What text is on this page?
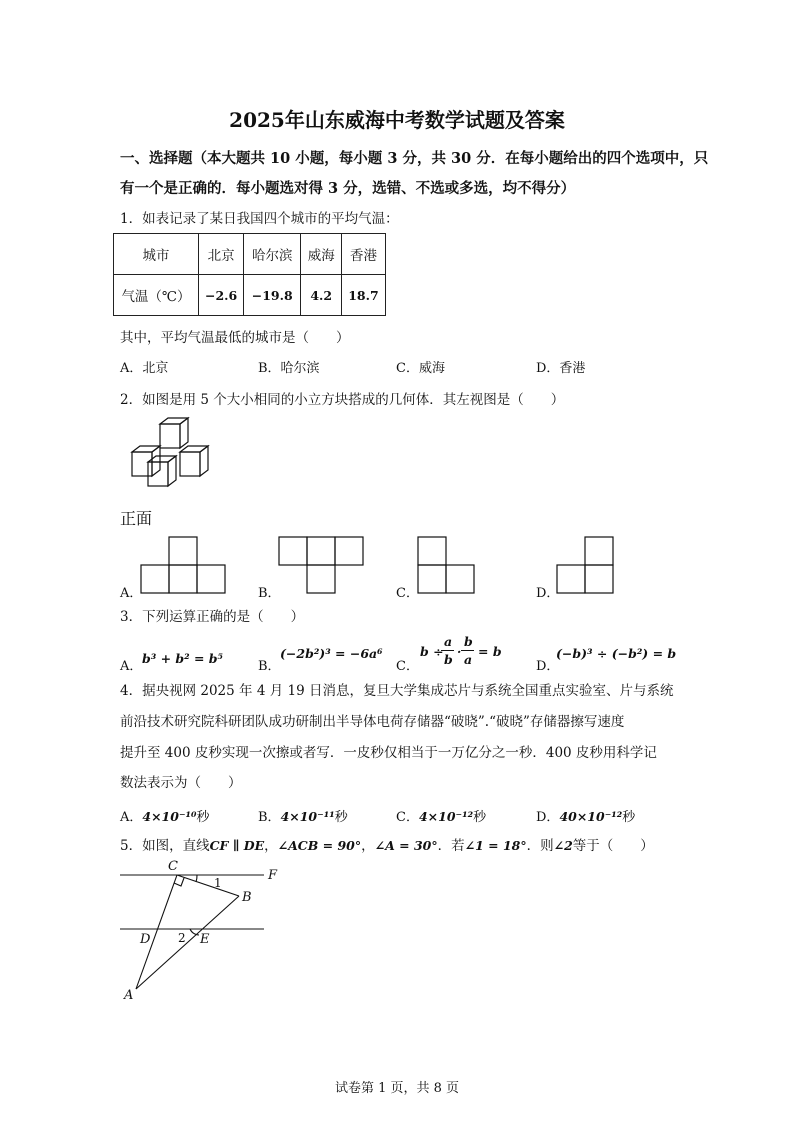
2025年山东威海中考数学试题及答案
一、选择题（本大题共 10 小题，每小题 3 分，共 30 分．在每小题给出的四个选项中，只
有一个是正确的．每小题选对得 3 分，选错、不选或多选，均不得分）
1．如表记录了某日我国四个城市的平均气温：
城市	北京	哈尔滨	威海	香港
气温（℃）	−2.6	−19.8	4.2	18.7
其中，平均气温最低的城市是（　　）
A．北京	B．哈尔滨	C．威海	D．香港
2．如图是用 5 个大小相同的小立方块搭成的几何体．其左视图是（　　）
正面
A．	B．	C．	D．
3．下列运算正确的是（　　）
A．
b³ + b² = b⁵
B．
(−2b²)³ = −6a⁶
C．
b ÷
a
b
·
b
a
= b
D．
(−b)³ ÷ (−b²) = b
4．据央视网 2025 年 4 月 19 日消息，复旦大学集成芯片与系统全国重点实验室、片与系统
前沿技术研究院科研团队成功研制出半导体电荷存储器“破晓”.“破晓”存储器擦写速度
提升至 400 皮秒实现一次擦或者写．一皮秒仅相当于一万亿分之一秒．400 皮秒用科学记
数法表示为（　　）
A．4×10⁻¹⁰秒	B．4×10⁻¹¹秒	C．4×10⁻¹²秒	D．40×10⁻¹²秒
5．如图，直线CF ∥ DE，∠ACB = 90°，∠A = 30°．若∠1 = 18°．则∠2等于（　　）
C
F
B
D	E
A
1
2
试卷第 1 页，共 8 页
